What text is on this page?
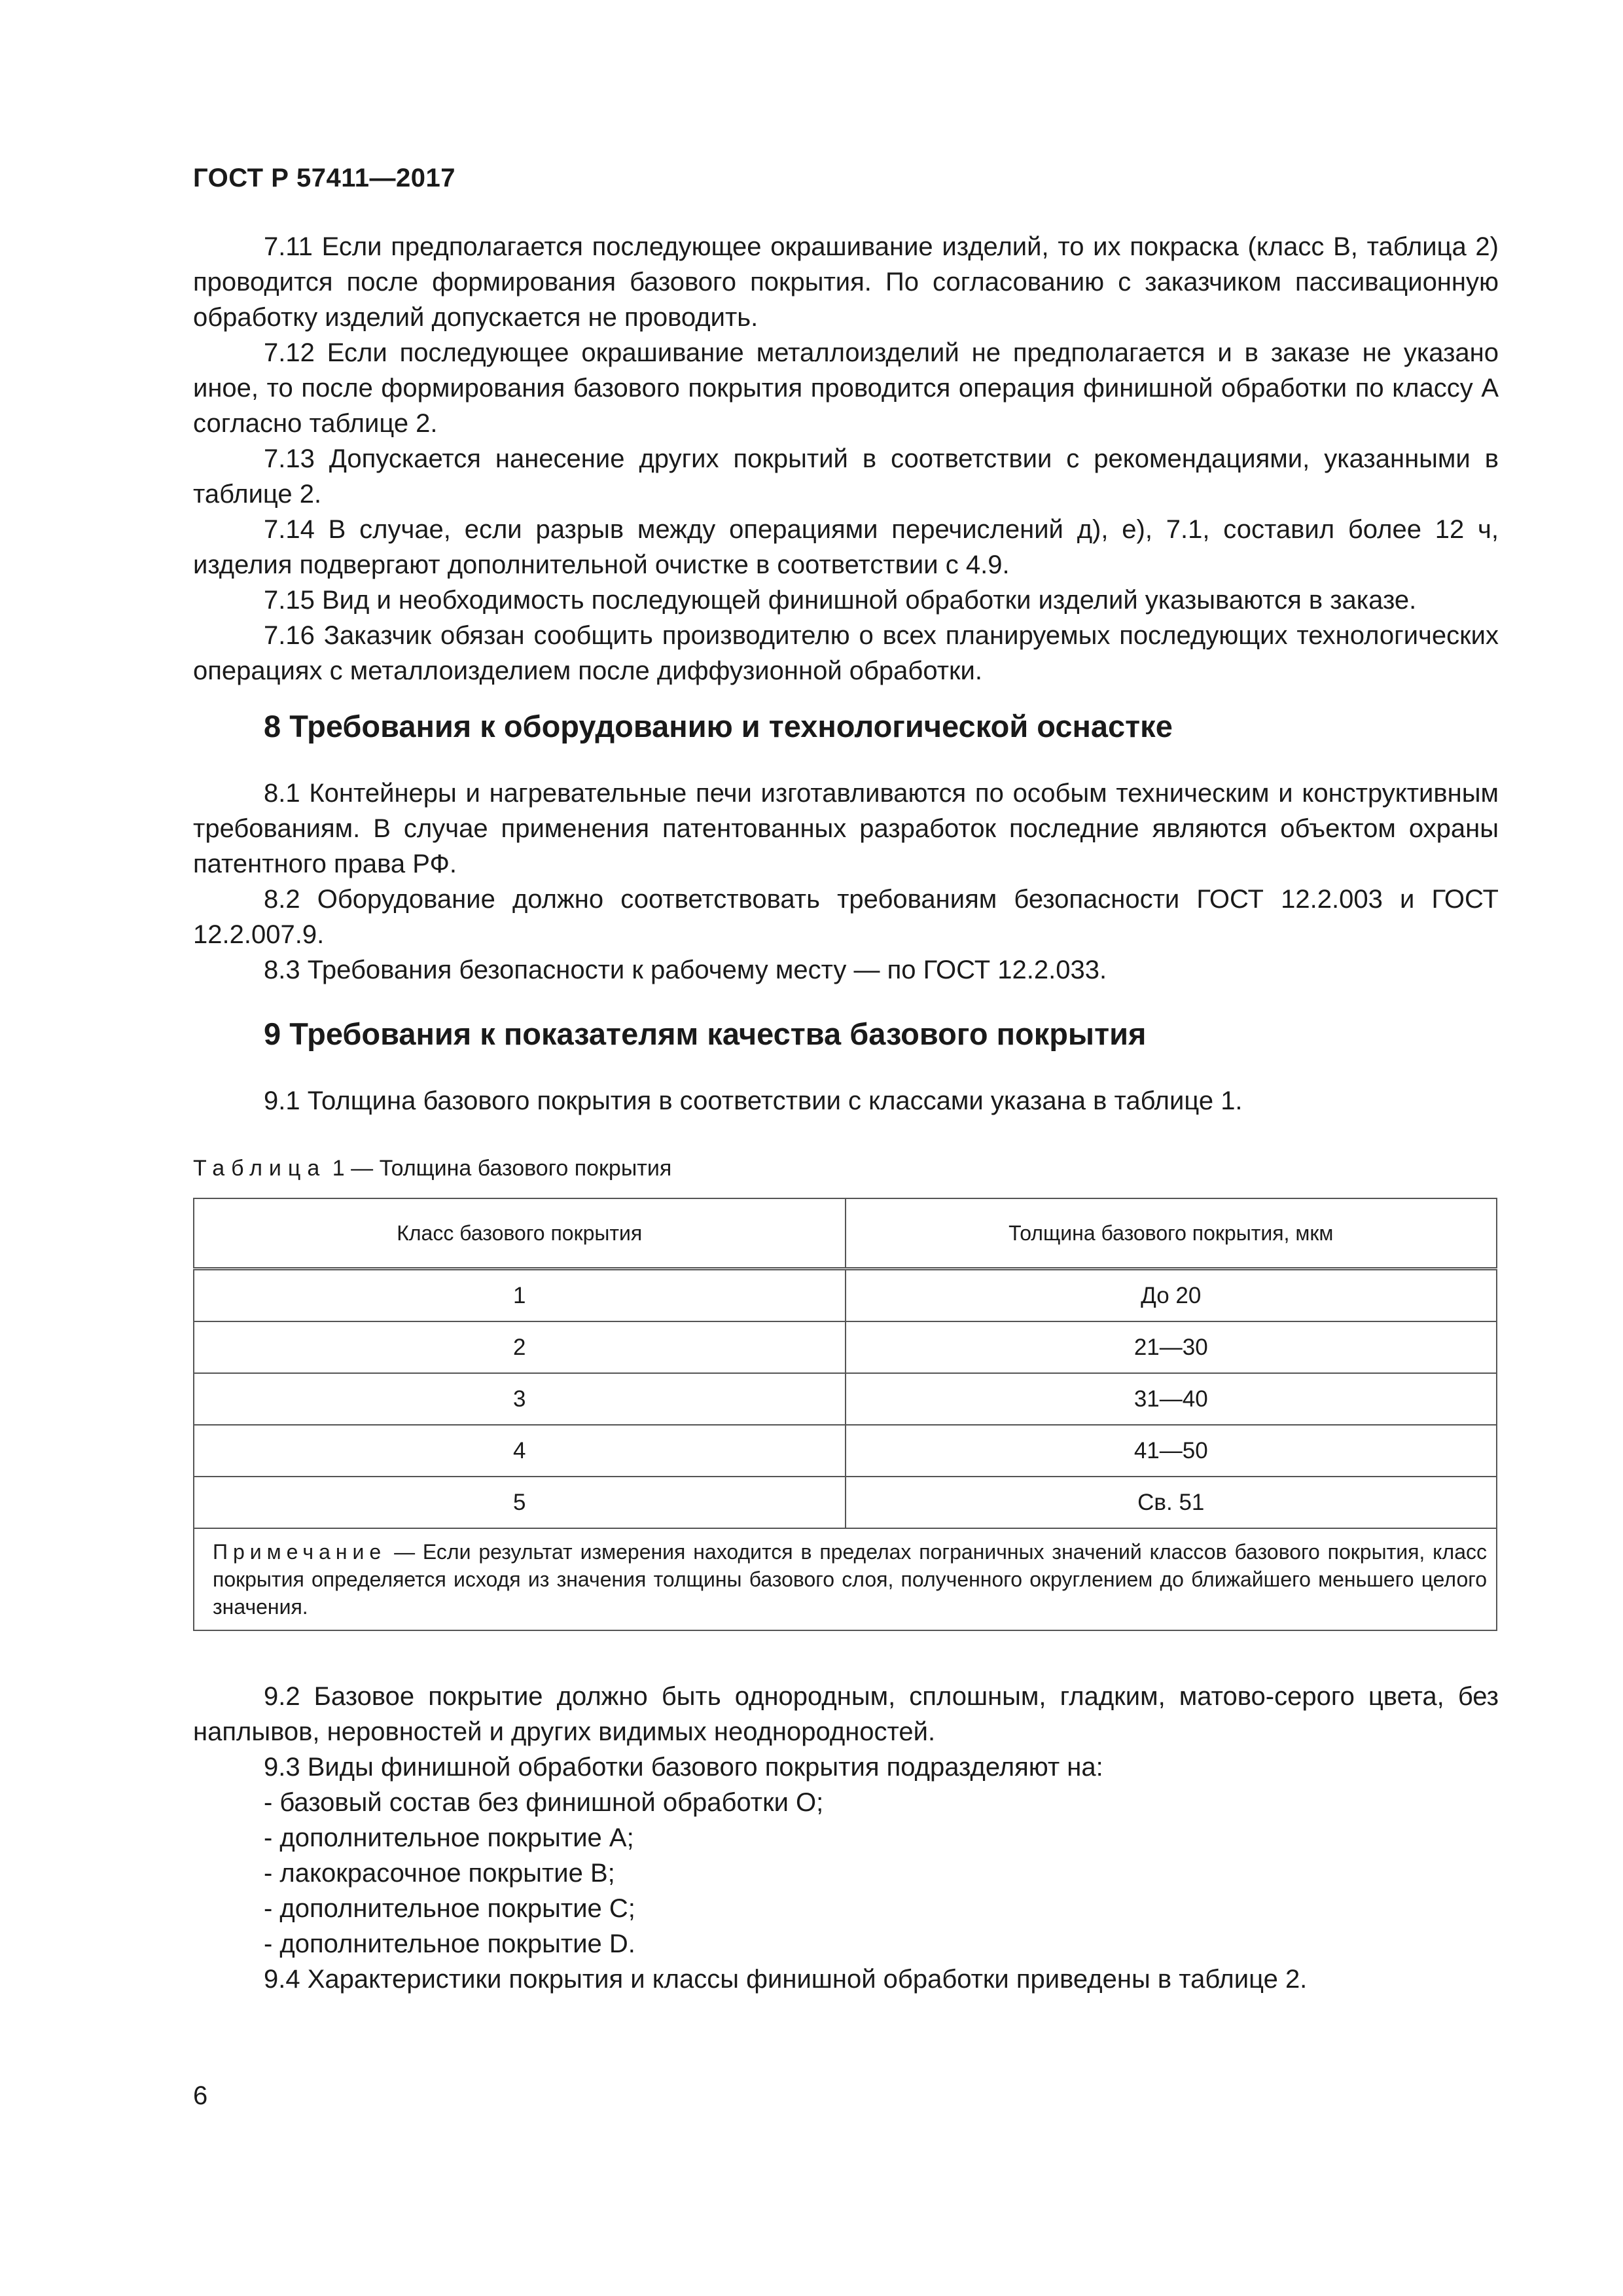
ГОСТ Р 57411—2017

7.11 Если предполагается последующее окрашивание изделий, то их покраска (класс В, таблица 2) проводится после формирования базового покрытия. По согласованию с заказчиком пассивационную обработку изделий допускается не проводить.

7.12 Если последующее окрашивание металлоизделий не предполагается и в заказе не указано иное, то после формирования базового покрытия проводится операция финишной обработки по классу А согласно таблице 2.

7.13 Допускается нанесение других покрытий в соответствии с рекомендациями, указанными в таблице 2.

7.14 В случае, если разрыв между операциями перечислений д), е), 7.1, составил более 12 ч, изделия подвергают дополнительной очистке в соответствии с 4.9.

7.15 Вид и необходимость последующей финишной обработки изделий указываются в заказе.

7.16 Заказчик обязан сообщить производителю о всех планируемых последующих технологических операциях с металлоизделием после диффузионной обработки.

8 Требования к оборудованию и технологической оснастке

8.1 Контейнеры и нагревательные печи изготавливаются по особым техническим и конструктивным требованиям. В случае применения патентованных разработок последние являются объектом охраны патентного права РФ.

8.2 Оборудование должно соответствовать требованиям безопасности ГОСТ 12.2.003 и ГОСТ 12.2.007.9.

8.3 Требования безопасности к рабочему месту — по ГОСТ 12.2.033.

9 Требования к показателям качества базового покрытия

9.1 Толщина базового покрытия в соответствии с классами указана в таблице 1.

Таблица 1 — Толщина базового покрытия
Класс базового покрытия	Толщина базового покрытия, мкм
1	До 20
2	21—30
3	31—40
4	41—50
5	Св. 51
Примечание — Если результат измерения находится в пределах пограничных значений классов базового покрытия, класс покрытия определяется исходя из значения толщины базового слоя, полученного округлением до ближайшего меньшего целого значения.	

9.2 Базовое покрытие должно быть однородным, сплошным, гладким, матово-серого цвета, без наплывов, неровностей и других видимых неоднородностей.

9.3 Виды финишной обработки базового покрытия подразделяют на:

- базовый состав без финишной обработки О;

- дополнительное покрытие А;

- лакокрасочное покрытие В;

- дополнительное покрытие С;

- дополнительное покрытие D.

9.4 Характеристики покрытия и классы финишной обработки приведены в таблице 2.

6
